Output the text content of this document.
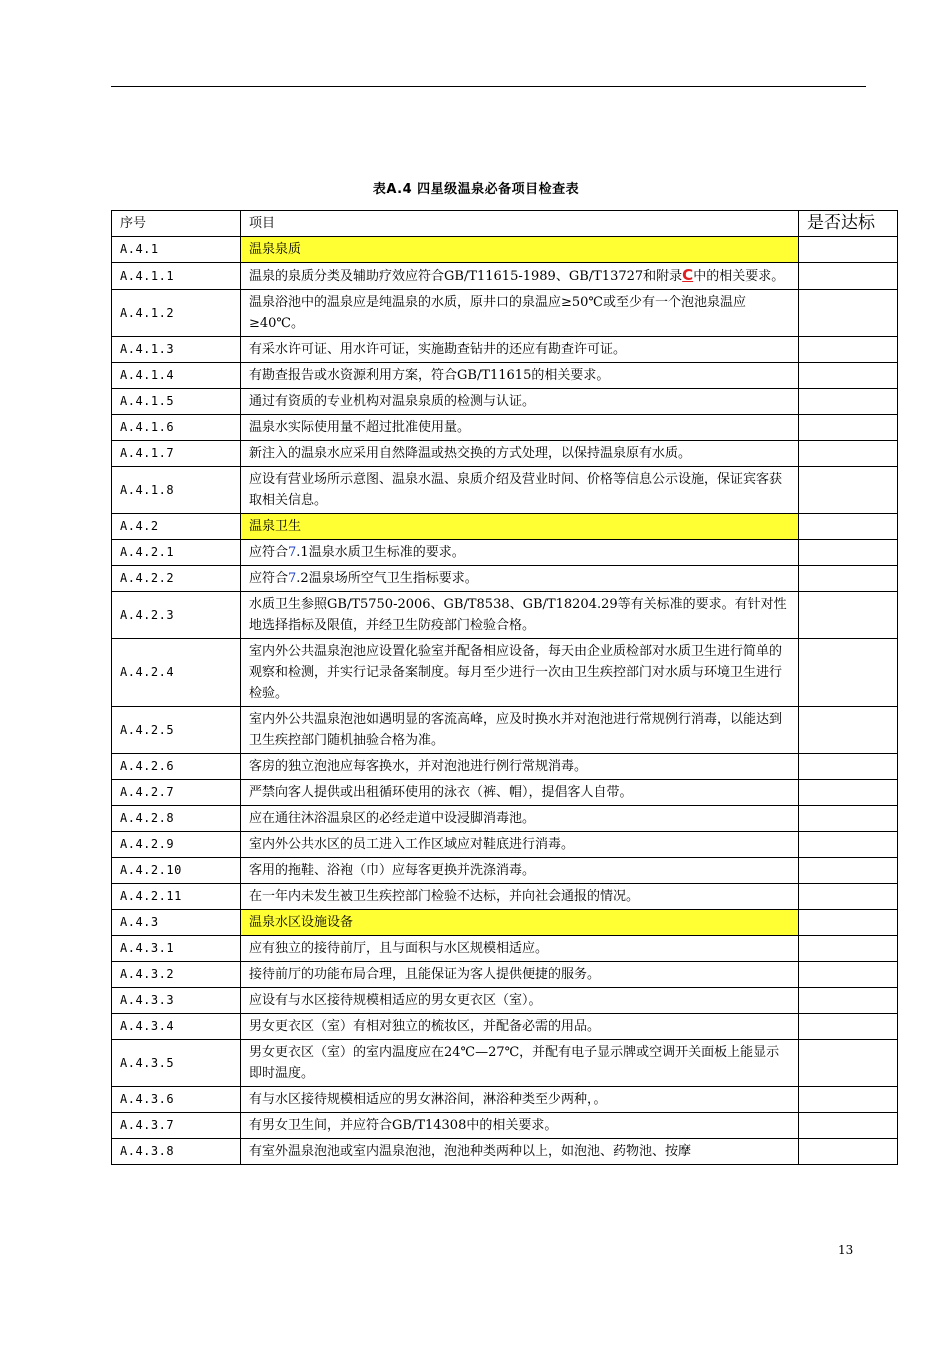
表A.4 四星级温泉必备项目检查表
序号	项目	是否达标
A.4.1	温泉泉质	
A.4.1.1	温泉的泉质分类及辅助疗效应符合GB/T11615-1989、GB/T13727和附录C中的相关要求。	
A.4.1.2	温泉浴池中的温泉应是纯温泉的水质，原井口的泉温应≥50℃或至少有一个泡池泉温应≥40℃。	
A.4.1.3	有采水许可证、用水许可证，实施勘查钻井的还应有勘查许可证。	
A.4.1.4	有勘查报告或水资源利用方案，符合GB/T11615的相关要求。	
A.4.1.5	通过有资质的专业机构对温泉泉质的检测与认证。	
A.4.1.6	温泉水实际使用量不超过批准使用量。	
A.4.1.7	新注入的温泉水应采用自然降温或热交换的方式处理，以保持温泉原有水质。	
A.4.1.8	应设有营业场所示意图、温泉水温、泉质介绍及营业时间、价格等信息公示设施，保证宾客获取相关信息。	
A.4.2	温泉卫生	
A.4.2.1	应符合7.1温泉水质卫生标准的要求。	
A.4.2.2	应符合7.2温泉场所空气卫生指标要求。	
A.4.2.3	水质卫生参照GB/T5750-2006、GB/T8538、GB/T18204.29等有关标准的要求。有针对性地选择指标及限值，并经卫生防疫部门检验合格。	
A.4.2.4	室内外公共温泉泡池应设置化验室并配备相应设备，每天由企业质检部对水质卫生进行简单的观察和检测，并实行记录备案制度。每月至少进行一次由卫生疾控部门对水质与环境卫生进行检验。	
A.4.2.5	室内外公共温泉泡池如遇明显的客流高峰，应及时换水并对泡池进行常规例行消毒，以能达到卫生疾控部门随机抽验合格为准。	
A.4.2.6	客房的独立泡池应每客换水，并对泡池进行例行常规消毒。	
A.4.2.7	严禁向客人提供或出租循环使用的泳衣（裤、帽），提倡客人自带。	
A.4.2.8	应在通往沐浴温泉区的必经走道中设浸脚消毒池。	
A.4.2.9	室内外公共水区的员工进入工作区域应对鞋底进行消毒。	
A.4.2.10	客用的拖鞋、浴袍（巾）应每客更换并洗涤消毒。	
A.4.2.11	在一年内未发生被卫生疾控部门检验不达标，并向社会通报的情况。	
A.4.3	温泉水区设施设备	
A.4.3.1	应有独立的接待前厅，且与面积与水区规模相适应。	
A.4.3.2	接待前厅的功能布局合理，且能保证为客人提供便捷的服务。	
A.4.3.3	应设有与水区接待规模相适应的男女更衣区（室）。	
A.4.3.4	男女更衣区（室）有相对独立的梳妆区，并配备必需的用品。	
A.4.3.5	男女更衣区（室）的室内温度应在24℃—27℃，并配有电子显示牌或空调开关面板上能显示即时温度。	
A.4.3.6	有与水区接待规模相适应的男女淋浴间，淋浴种类至少两种，。	
A.4.3.7	有男女卫生间，并应符合GB/T14308中的相关要求。	
A.4.3.8	有室外温泉泡池或室内温泉泡池，泡池种类两种以上，如泡池、药物池、按摩	
13
